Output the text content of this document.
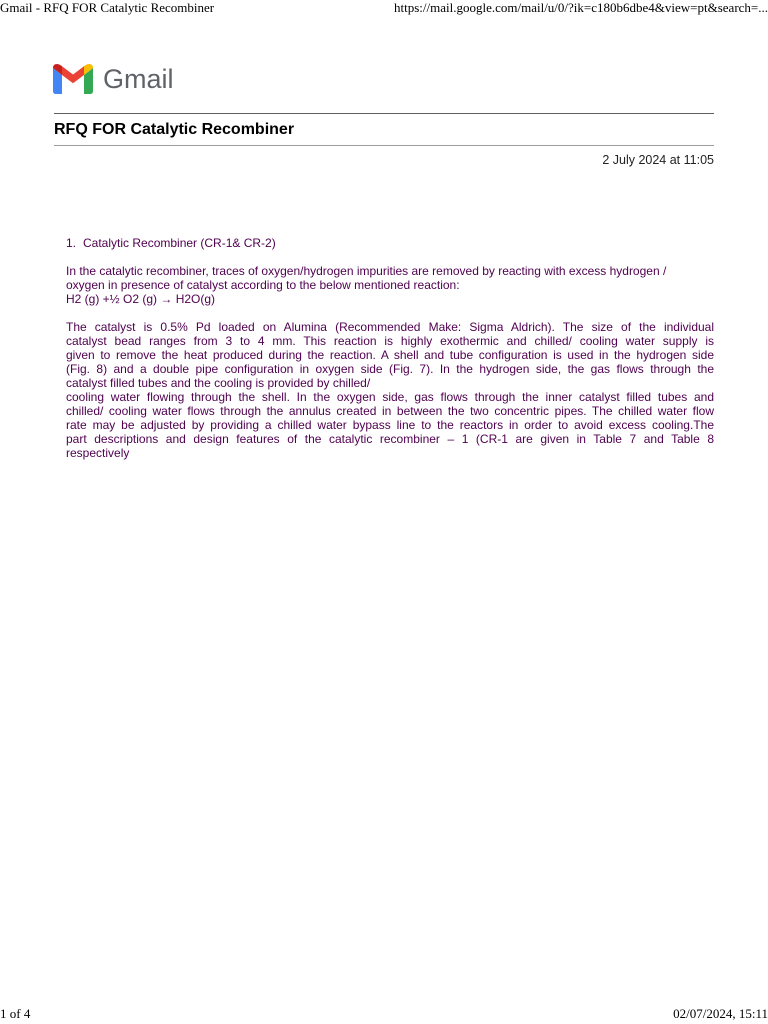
Gmail - RFQ FOR Catalytic Recombiner	https://mail.google.com/mail/u/0/?ik=c180b6dbe4&view=pt&search=...
Gmail
RFQ FOR Catalytic Recombiner
2 July 2024 at 11:05
1. Catalytic Recombiner (CR-1& CR-2)

In the catalytic recombiner, traces of oxygen/hydrogen impurities are removed by reacting with excess hydrogen /

oxygen in presence of catalyst according to the below mentioned reaction:

H2 (g) +½ O2 (g) → H2O(g)

The catalyst is 0.5% Pd loaded on Alumina (Recommended Make: Sigma Aldrich). The size of the individual

catalyst bead ranges from 3 to 4 mm. This reaction is highly exothermic and chilled/ cooling water supply is

given to remove the heat produced during the reaction. A shell and tube configuration is used in the hydrogen side

(Fig. 8) and a double pipe configuration in oxygen side (Fig. 7). In the hydrogen side, the gas flows through the

catalyst filled tubes and the cooling is provided by chilled/

cooling water flowing through the shell. In the oxygen side, gas flows through the inner catalyst filled tubes and

chilled/ cooling water flows through the annulus created in between the two concentric pipes. The chilled water flow

rate may be adjusted by providing a chilled water bypass line to the reactors in order to avoid excess cooling.The

part descriptions and design features of the catalytic recombiner – 1 (CR-1 are given in Table 7 and Table 8

respectively

1 of 4	02/07/2024, 15:11
